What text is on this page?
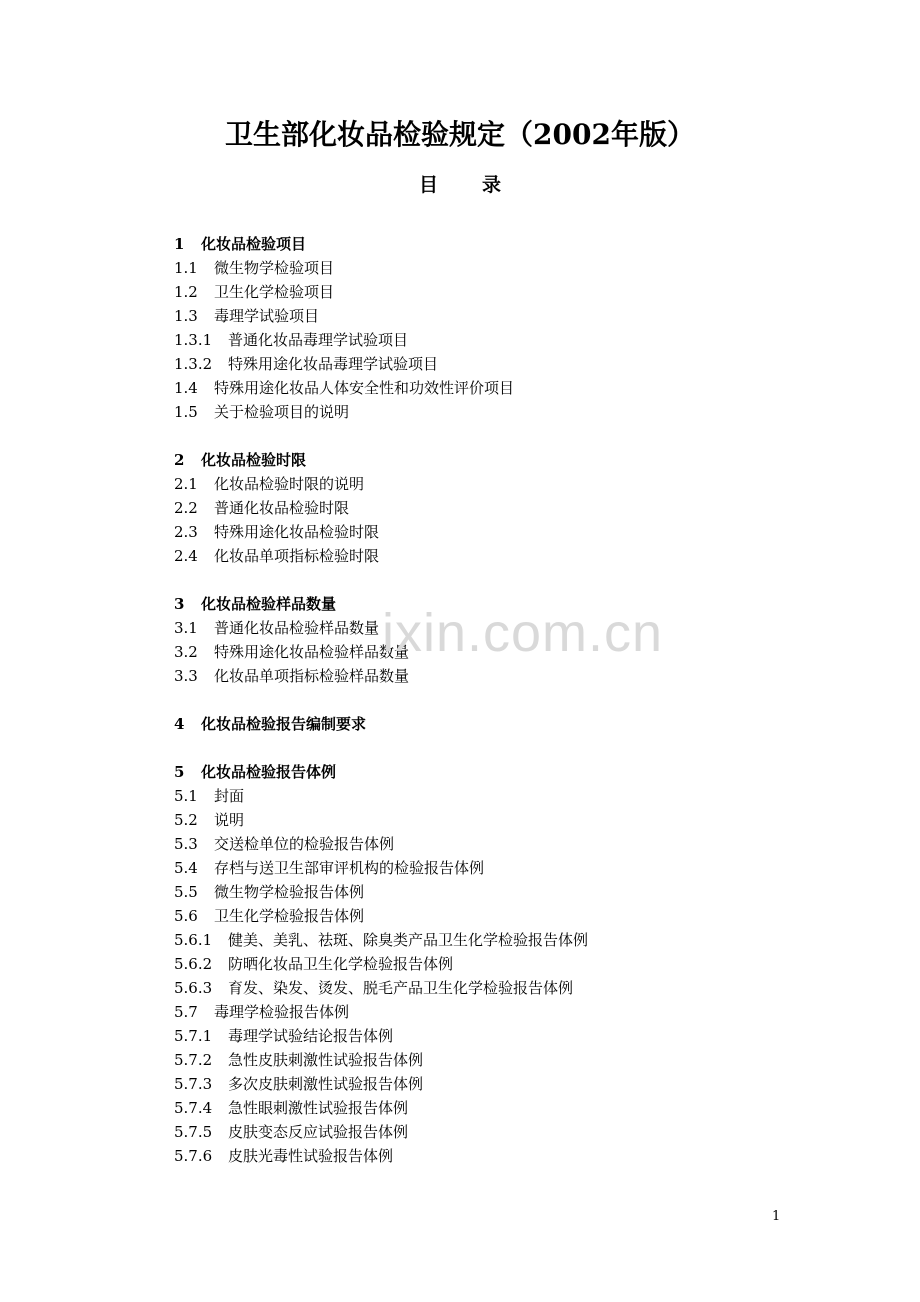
卫生部化妆品检验规定（2002年版）
目录
1 化妆品检验项目
1.1 微生物学检验项目
1.2 卫生化学检验项目
1.3 毒理学试验项目
1.3.1 普通化妆品毒理学试验项目
1.3.2 特殊用途化妆品毒理学试验项目
1.4 特殊用途化妆品人体安全性和功效性评价项目
1.5 关于检验项目的说明
2 化妆品检验时限
2.1 化妆品检验时限的说明
2.2 普通化妆品检验时限
2.3 特殊用途化妆品检验时限
2.4 化妆品单项指标检验时限
3 化妆品检验样品数量
3.1 普通化妆品检验样品数量
3.2 特殊用途化妆品检验样品数量
3.3 化妆品单项指标检验样品数量
4 化妆品检验报告编制要求
5 化妆品检验报告体例
5.1 封面
5.2 说明
5.3 交送检单位的检验报告体例
5.4 存档与送卫生部审评机构的检验报告体例
5.5 微生物学检验报告体例
5.6 卫生化学检验报告体例
5.6.1 健美、美乳、祛斑、除臭类产品卫生化学检验报告体例
5.6.2 防晒化妆品卫生化学检验报告体例
5.6.3 育发、染发、烫发、脱毛产品卫生化学检验报告体例
5.7 毒理学检验报告体例
5.7.1 毒理学试验结论报告体例
5.7.2 急性皮肤刺激性试验报告体例
5.7.3 多次皮肤刺激性试验报告体例
5.7.4 急性眼刺激性试验报告体例
5.7.5 皮肤变态反应试验报告体例
5.7.6 皮肤光毒性试验报告体例
ixin.com.cn
1
